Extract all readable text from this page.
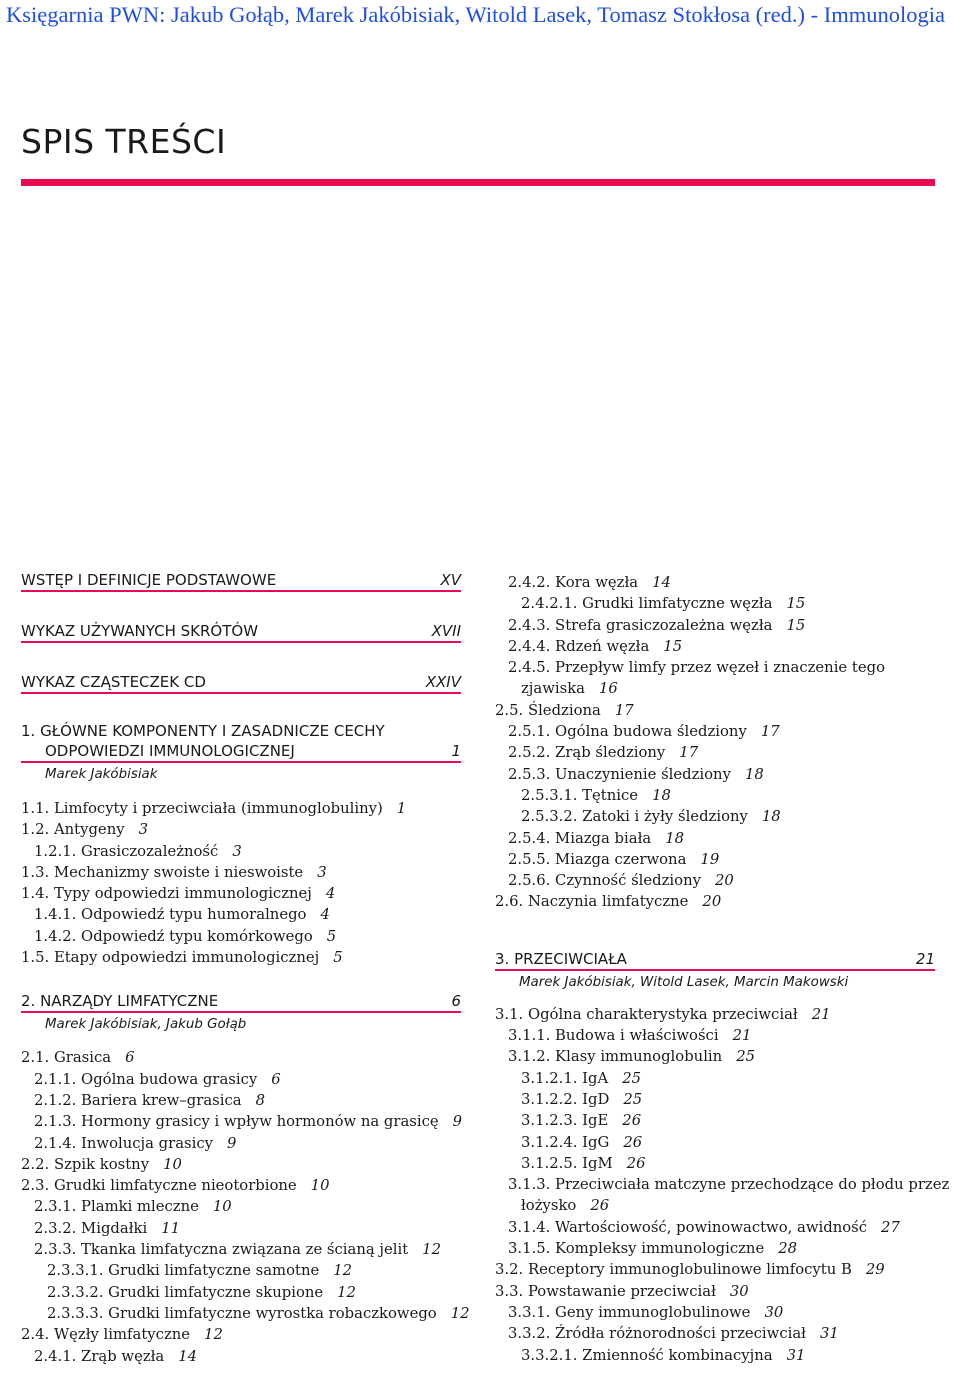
Księgarnia PWN: Jakub Gołąb, Marek Jakóbisiak, Witold Lasek, Tomasz Stokłosa (red.) - Immunologia
SPIS TREŚCI
WSTĘP I DEFINICJE PODSTAWOWE	XV
WYKAZ UŻYWANYCH SKRÓTÓW	XVII
WYKAZ CZĄSTECZEK CD	XXIV
1. GŁÓWNE KOMPONENTY I ZASADNICZE CECHY
ODPOWIEDZI IMMUNOLOGICZNEJ	1
Marek Jakóbisiak
1.1. Limfocyty i przeciwciała (immunoglobuliny) 1
1.2. Antygeny 3
1.2.1. Grasiczozależność 3
1.3. Mechanizmy swoiste i nieswoiste 3
1.4. Typy odpowiedzi immunologicznej 4
1.4.1. Odpowiedź typu humoralnego 4
1.4.2. Odpowiedź typu komórkowego 5
1.5. Etapy odpowiedzi immunologicznej 5
2. NARZĄDY LIMFATYCZNE	6
Marek Jakóbisiak, Jakub Gołąb
2.1. Grasica 6
2.1.1. Ogólna budowa grasicy 6
2.1.2. Bariera krew–grasica 8
2.1.3. Hormony grasicy i wpływ hormonów na grasicę 9
2.1.4. Inwolucja grasicy 9
2.2. Szpik kostny 10
2.3. Grudki limfatyczne nieotorbione 10
2.3.1. Plamki mleczne 10
2.3.2. Migdałki 11
2.3.3. Tkanka limfatyczna związana ze ścianą jelit 12
2.3.3.1. Grudki limfatyczne samotne 12
2.3.3.2. Grudki limfatyczne skupione 12
2.3.3.3. Grudki limfatyczne wyrostka robaczkowego 12
2.4. Węzły limfatyczne 12
2.4.1. Zrąb węzła 14
2.4.2. Kora węzła 14
2.4.2.1. Grudki limfatyczne węzła 15
2.4.3. Strefa grasiczozależna węzła 15
2.4.4. Rdzeń węzła 15
2.4.5. Przepływ limfy przez węzeł i znaczenie tego
zjawiska 16
2.5. Śledziona 17
2.5.1. Ogólna budowa śledziony 17
2.5.2. Zrąb śledziony 17
2.5.3. Unaczynienie śledziony 18
2.5.3.1. Tętnice 18
2.5.3.2. Zatoki i żyły śledziony 18
2.5.4. Miazga biała 18
2.5.5. Miazga czerwona 19
2.5.6. Czynność śledziony 20
2.6. Naczynia limfatyczne 20
3. PRZECIWCIAŁA	21
Marek Jakóbisiak, Witold Lasek, Marcin Makowski
3.1. Ogólna charakterystyka przeciwciał 21
3.1.1. Budowa i właściwości 21
3.1.2. Klasy immunoglobulin 25
3.1.2.1. IgA 25
3.1.2.2. IgD 25
3.1.2.3. IgE 26
3.1.2.4. IgG 26
3.1.2.5. IgM 26
3.1.3. Przeciwciała matczyne przechodzące do płodu przez
łożysko 26
3.1.4. Wartościowość, powinowactwo, awidność 27
3.1.5. Kompleksy immunologiczne 28
3.2. Receptory immunoglobulinowe limfocytu B 29
3.3. Powstawanie przeciwciał 30
3.3.1. Geny immunoglobulinowe 30
3.3.2. Źródła różnorodności przeciwciał 31
3.3.2.1. Zmienność kombinacyjna 31
